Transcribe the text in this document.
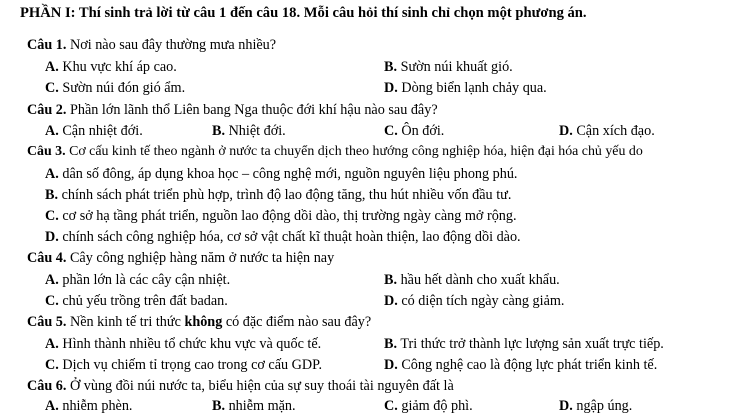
PHẦN I: Thí sinh trả lời từ câu 1 đến câu 18. Mỗi câu hỏi thí sinh chỉ chọn một phương án.
Câu 1. Nơi nào sau đây thường mưa nhiều?
A. Khu vực khí áp cao.	B. Sườn núi khuất gió.
C. Sườn núi đón gió ẩm.	D. Dòng biển lạnh chảy qua.
Câu 2. Phần lớn lãnh thổ Liên bang Nga thuộc đới khí hậu nào sau đây?
A. Cận nhiệt đới.	B. Nhiệt đới.	C. Ôn đới.	D. Cận xích đạo.
Câu 3. Cơ cấu kinh tế theo ngành ở nước ta chuyển dịch theo hướng công nghiệp hóa, hiện đại hóa chủ yếu do
A. dân số đông, áp dụng khoa học – công nghệ mới, nguồn nguyên liệu phong phú.
B. chính sách phát triển phù hợp, trình độ lao động tăng, thu hút nhiều vốn đầu tư.
C. cơ sở hạ tầng phát triển, nguồn lao động dồi dào, thị trường ngày càng mở rộng.
D. chính sách công nghiệp hóa, cơ sở vật chất kĩ thuật hoàn thiện, lao động dồi dào.
Câu 4. Cây công nghiệp hàng năm ở nước ta hiện nay
A. phần lớn là các cây cận nhiệt.	B. hầu hết dành cho xuất khẩu.
C. chủ yếu trồng trên đất badan.	D. có diện tích ngày càng giảm.
Câu 5. Nền kinh tế tri thức không có đặc điểm nào sau đây?
A. Hình thành nhiều tổ chức khu vực và quốc tế.	B. Tri thức trở thành lực lượng sản xuất trực tiếp.
C. Dịch vụ chiếm tỉ trọng cao trong cơ cấu GDP.	D. Công nghệ cao là động lực phát triển kinh tế.
Câu 6. Ở vùng đồi núi nước ta, biểu hiện của sự suy thoái tài nguyên đất là
A. nhiễm phèn.	B. nhiễm mặn.	C. giảm độ phì.	D. ngập úng.
